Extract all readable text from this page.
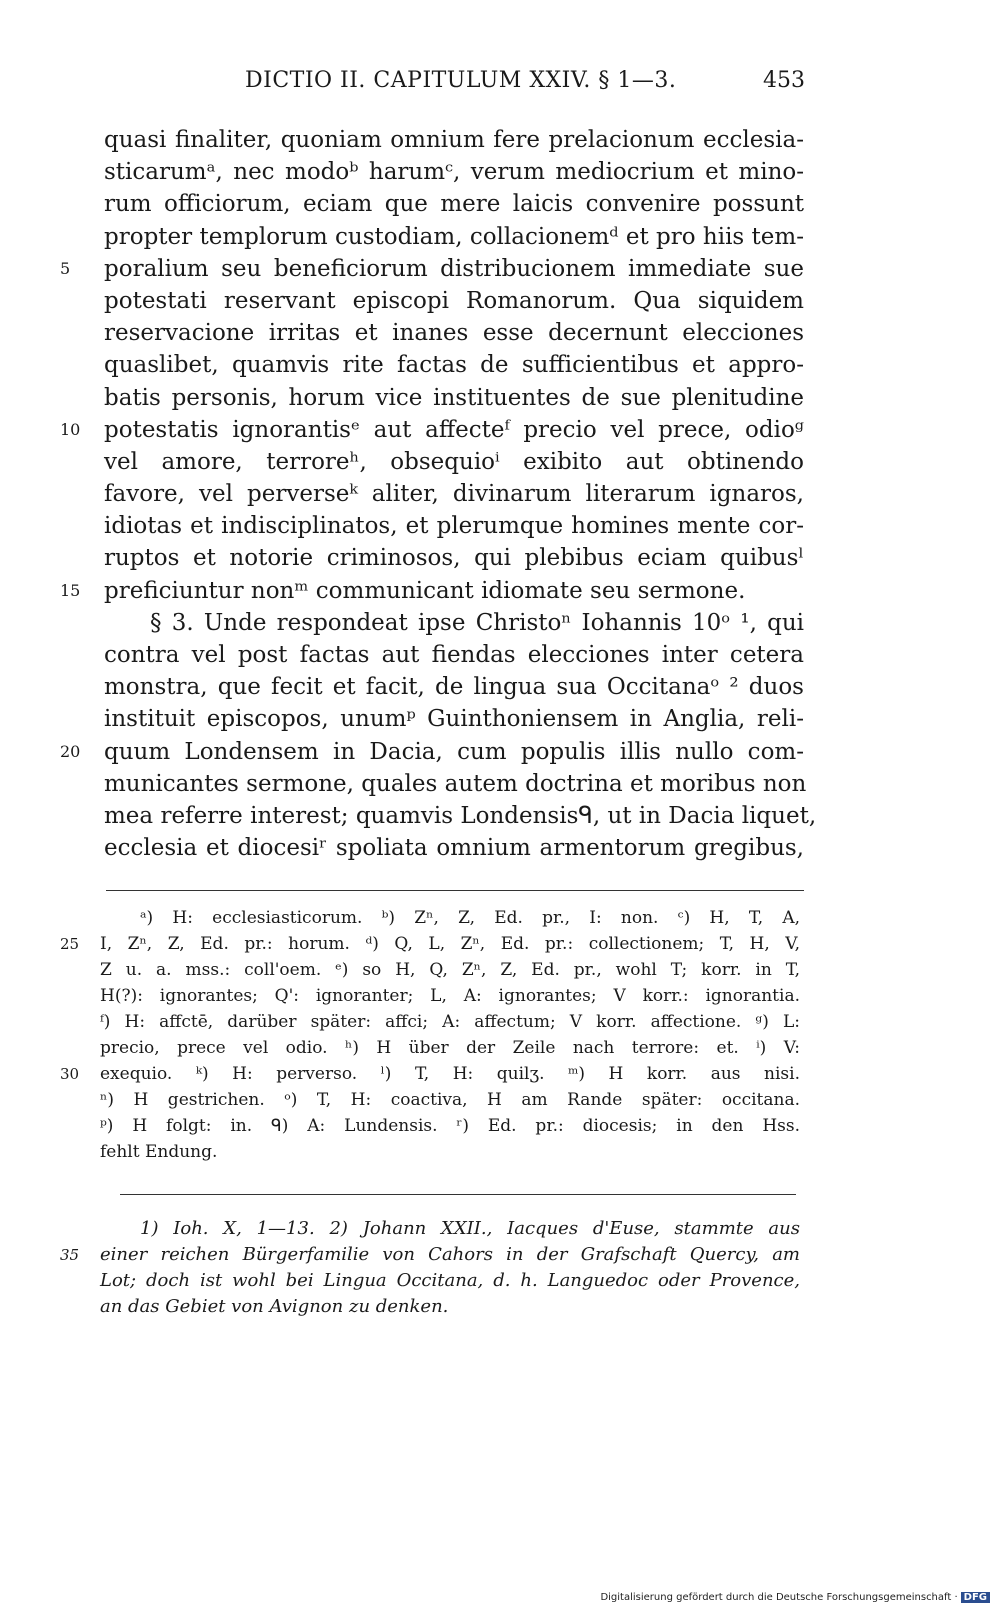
DICTIO II. CAPITULUM XXIV. § 1—3.	453
quasi finaliter, quoniam omnium fere prelacionum ecclesia-
sticarumᵃ, nec modoᵇ harumᶜ, verum mediocrium et mino-
rum officiorum, eciam que mere laicis convenire possunt
propter templorum custodiam, collacionemᵈ et pro hiis tem-
5	poralium seu beneficiorum distribucionem immediate sue
potestati reservant episcopi Romanorum. Qua siquidem
reservacione irritas et inanes esse decernunt elecciones
quaslibet, quamvis rite factas de sufficientibus et appro-
batis personis, horum vice instituentes de sue plenitudine
10	potestatis ignorantisᵉ aut affecteᶠ precio vel prece, odioᵍ
vel amore, terroreʰ, obsequioⁱ exibito aut obtinendo
favore, vel perverseᵏ aliter, divinarum literarum ignaros,
idiotas et indisciplinatos, et plerumque homines mente cor-
ruptos et notorie criminosos, qui plebibus eciam quibusˡ
15	preficiuntur nonᵐ communicant idiomate seu sermone.
§ 3. Unde respondeat ipse Christoⁿ Iohannis 10ᵒ ¹, qui
contra vel post factas aut fiendas elecciones inter cetera
monstra, que fecit et facit, de lingua sua Occitanaᵒ ² duos
instituit episcopos, unumᵖ Guinthoniensem in Anglia, reli-
20	quum Londensem in Dacia, cum populis illis nullo com-
municantes sermone, quales autem doctrina et moribus non
mea referre interest; quamvis Londensisᑫ, ut in Dacia liquet,
ecclesia et diocesiʳ spoliata omnium armentorum gregibus,
ᵃ) H: ecclesiasticorum. ᵇ) Zⁿ, Z, Ed. pr., I: non. ᶜ) H, T, A,
25	I, Zⁿ, Z, Ed. pr.: horum. ᵈ) Q, L, Zⁿ, Ed. pr.: collectionem; T, H, V,
Z u. a. mss.: coll'oem. ᵉ) so H, Q, Zⁿ, Z, Ed. pr., wohl T; korr. in T,
H(?): ignorantes; Q': ignoranter; L, A: ignorantes; V korr.: ignorantia.
ᶠ) H: affctē, darüber später: affci; A: affectum; V korr. affectione. ᵍ) L:
precio, prece vel odio. ʰ) H über der Zeile nach terrore: et. ⁱ) V:
30	exequio. ᵏ) H: perverso. ˡ) T, H: quilʒ. ᵐ) H korr. aus nisi.
ⁿ) H gestrichen. ᵒ) T, H: coactiva, H am Rande später: occitana.
ᵖ) H folgt: in. ᑫ) A: Lundensis. ʳ) Ed. pr.: diocesis; in den Hss.
fehlt Endung.
1) Ioh. X, 1—13. 2) Johann XXII., Iacques d'Euse, stammte aus
35	einer reichen Bürgerfamilie von Cahors in der Grafschaft Quercy, am
Lot; doch ist wohl bei Lingua Occitana, d. h. Languedoc oder Provence,
an das Gebiet von Avignon zu denken.
Digitalisierung gefördert durch die Deutsche Forschungsgemeinschaft · DFG
